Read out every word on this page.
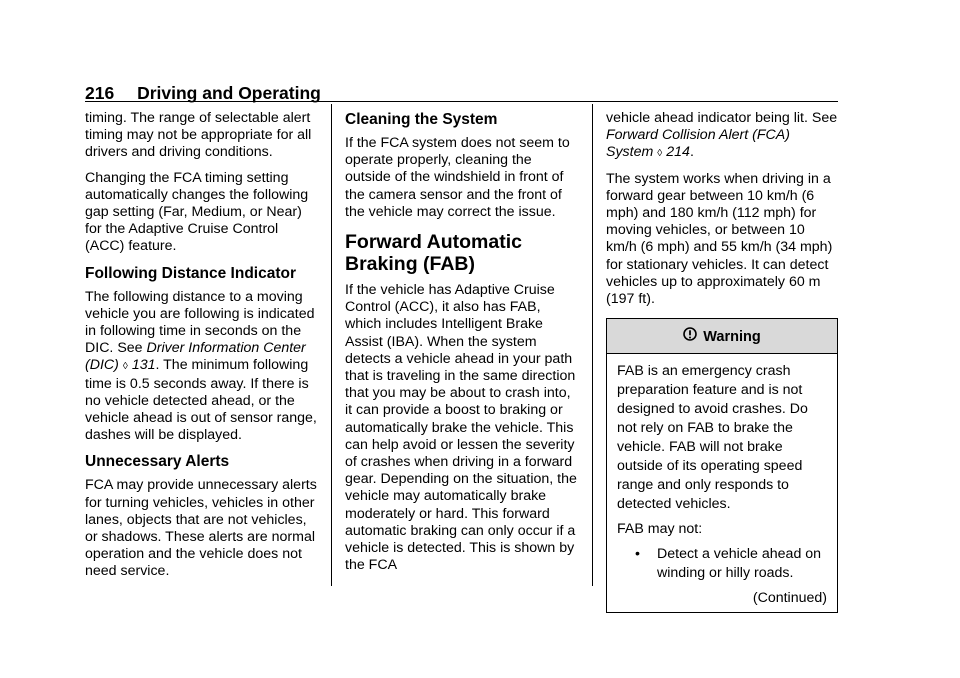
216 Driving and Operating

timing. The range of selectable alert timing may not be appropriate for all drivers and driving conditions.

Changing the FCA timing setting automatically changes the following gap setting (Far, Medium, or Near) for the Adaptive Cruise Control (ACC) feature.

Following Distance Indicator

The following distance to a moving vehicle you are following is indicated in following time in seconds on the DIC. See Driver Information Center (DIC) ◊ 131. The minimum following time is 0.5 seconds away. If there is no vehicle detected ahead, or the vehicle ahead is out of sensor range, dashes will be displayed.

Unnecessary Alerts

FCA may provide unnecessary alerts for turning vehicles, vehicles in other lanes, objects that are not vehicles, or shadows. These alerts are normal operation and the vehicle does not need service.

Cleaning the System

If the FCA system does not seem to operate properly, cleaning the outside of the windshield in front of the camera sensor and the front of the vehicle may correct the issue.

Forward Automatic Braking (FAB)

If the vehicle has Adaptive Cruise Control (ACC), it also has FAB, which includes Intelligent Brake Assist (IBA). When the system detects a vehicle ahead in your path that is traveling in the same direction that you may be about to crash into, it can provide a boost to braking or automatically brake the vehicle. This can help avoid or lessen the severity of crashes when driving in a forward gear. Depending on the situation, the vehicle may automatically brake moderately or hard. This forward automatic braking can only occur if a vehicle is detected. This is shown by the FCA

vehicle ahead indicator being lit. See Forward Collision Alert (FCA) System ◊ 214.

The system works when driving in a forward gear between 10 km/h (6 mph) and 180 km/h (112 mph) for moving vehicles, or between 10 km/h (6 mph) and 55 km/h (34 mph) for stationary vehicles. It can detect vehicles up to approximately 60 m (197 ft).

Warning

FAB is an emergency crash preparation feature and is not designed to avoid crashes. Do not rely on FAB to brake the vehicle. FAB will not brake outside of its operating speed range and only responds to detected vehicles.

FAB may not:

•	Detect a vehicle ahead on winding or hilly roads.
(Continued)
